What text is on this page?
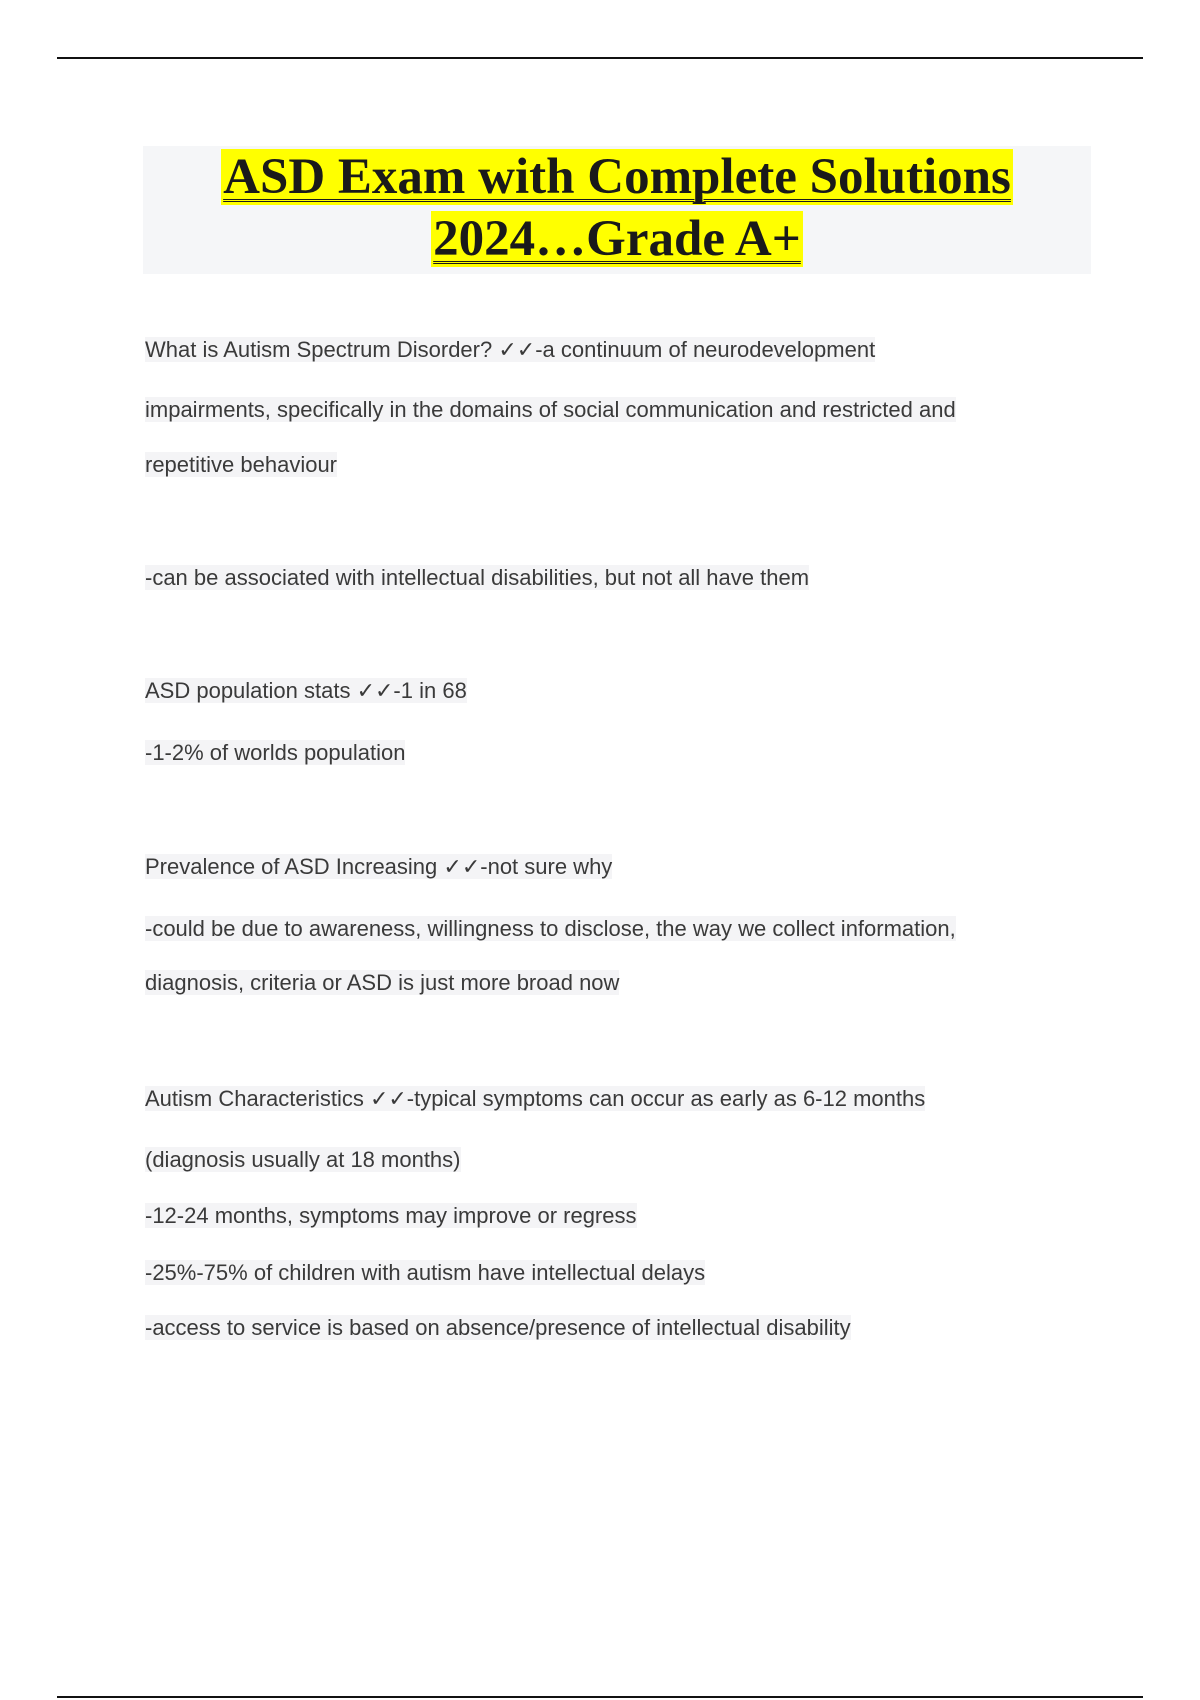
ASD Exam with Complete Solutions
2024…Grade A+
What is Autism Spectrum Disorder? ✓✓-a continuum of neurodevelopment
impairments, specifically in the domains of social communication and restricted and
repetitive behaviour
-can be associated with intellectual disabilities, but not all have them
ASD population stats ✓✓-1 in 68
-1-2% of worlds population
Prevalence of ASD Increasing ✓✓-not sure why
-could be due to awareness, willingness to disclose, the way we collect information,
diagnosis, criteria or ASD is just more broad now
Autism Characteristics ✓✓-typical symptoms can occur as early as 6-12 months
(diagnosis usually at 18 months)
-12-24 months, symptoms may improve or regress
-25%-75% of children with autism have intellectual delays
-access to service is based on absence/presence of intellectual disability
